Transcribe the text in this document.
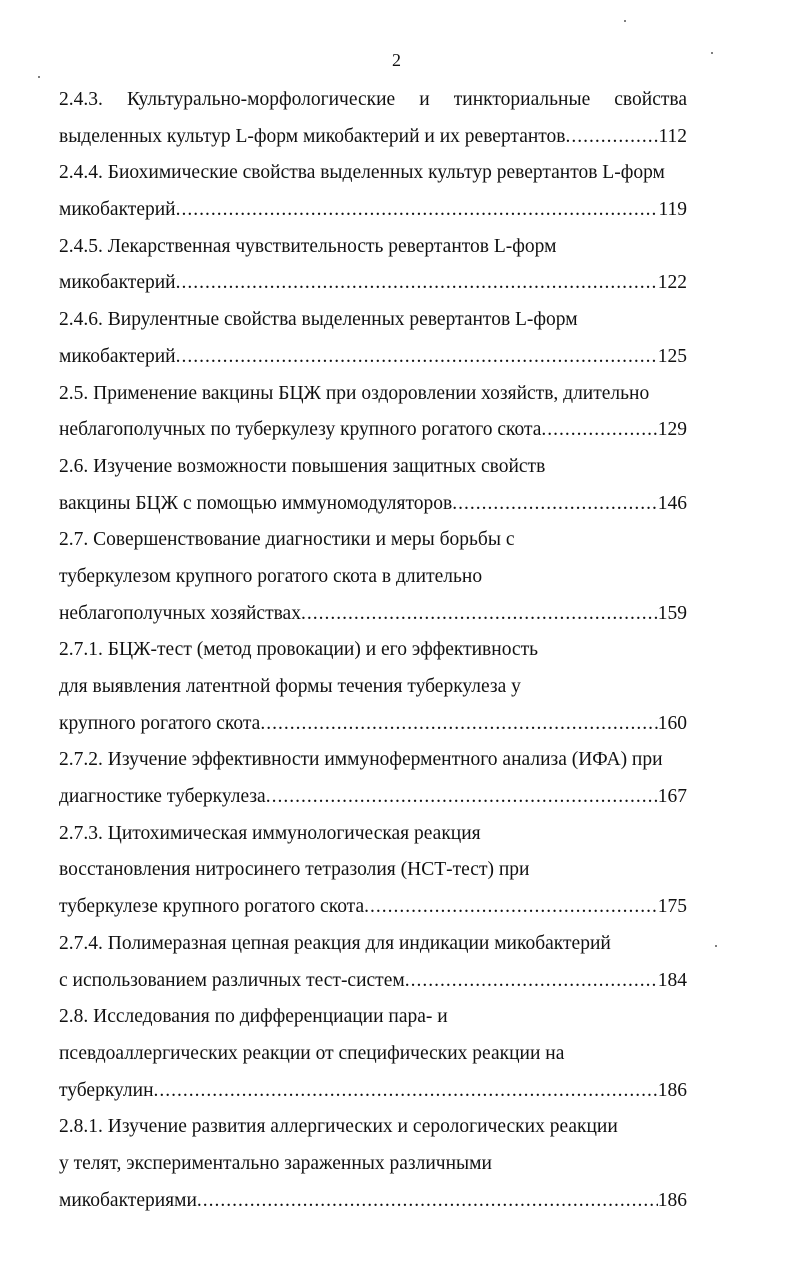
2
2.4.3. Культурально-морфологические и тинкториальные свойства
выделенных культур L-форм микобактерий и их ревертантов .....	112
2.4.4. Биохимические свойства выделенных культур ревертантов L-форм
микобактерий .....	119
2.4.5. Лекарственная чувствительность ревертантов L-форм
микобактерий .....	122
2.4.6. Вирулентные свойства выделенных ревертантов L-форм
микобактерий .....	125
2.5. Применение вакцины БЦЖ при оздоровлении хозяйств, длительно
неблагополучных по туберкулезу крупного рогатого скота .....	.129
2.6. Изучение возможности повышения защитных свойств
вакцины БЦЖ с помощью иммуномодуляторов .....	146
2.7. Совершенствование диагностики и меры борьбы с
туберкулезом крупного рогатого скота в длительно
неблагополучных хозяйствах .....	159
2.7.1. БЦЖ-тест (метод провокации) и его эффективность
для выявления латентной формы течения туберкулеза у
крупного рогатого скота .....	160
2.7.2. Изучение эффективности иммуноферментного анализа (ИФА) при
диагностике туберкулеза .....	167
2.7.3. Цитохимическая иммунологическая реакция
восстановления нитросинего тетразолия (НСТ-тест) при
туберкулезе крупного рогатого скота .....	175
2.7.4. Полимеразная цепная реакция для индикации микобактерий
с использованием различных тест-систем .....	184
2.8. Исследования по дифференциации пара- и
псевдоаллергических реакции от специфических реакции на
туберкулин .....	186
2.8.1. Изучение развития аллергических и серологических реакции
у телят, экспериментально зараженных различными
микобактериями .....	186
